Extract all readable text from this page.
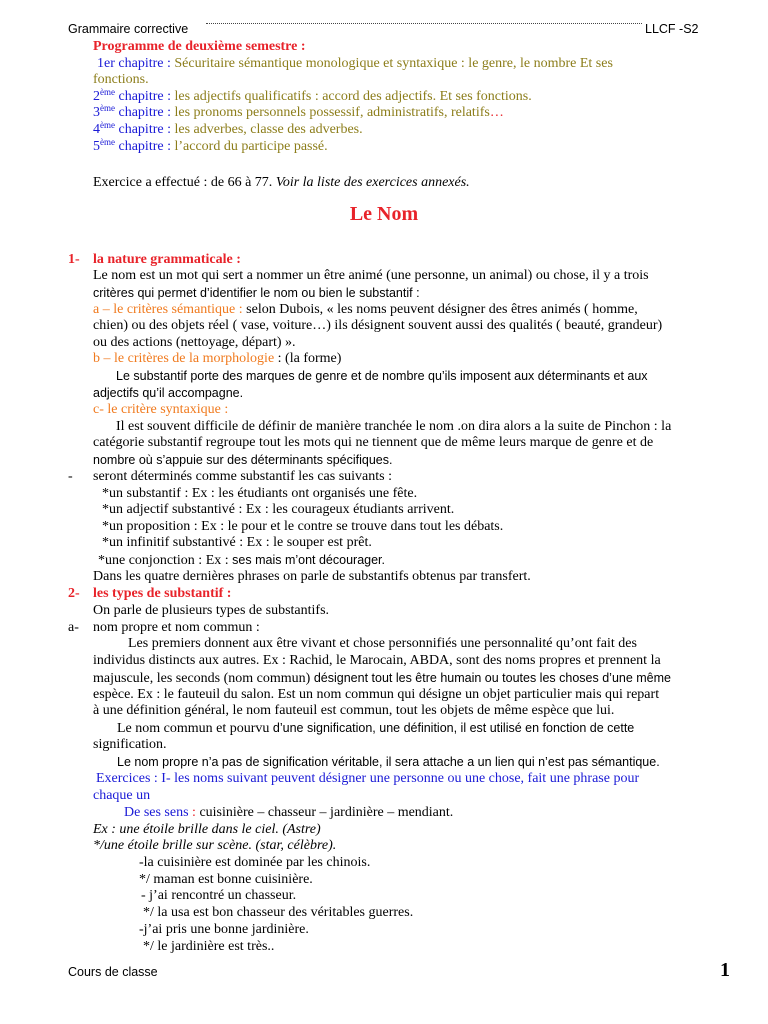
Grammaire corrective	LLCF -S2
Programme de deuxième semestre :
1er chapitre : Sécuritaire sémantique monologique et syntaxique : le genre, le nombre Et ses
fonctions.
2ème chapitre : les adjectifs qualificatifs : accord des adjectifs. Et ses fonctions.
3ème chapitre : les pronoms personnels possessif, administratifs, relatifs…
4ème chapitre : les adverbes, classe des adverbes.
5ème chapitre : l’accord du participe passé.
Exercice a effectué : de 66 à 77. Voir la liste des exercices annexés.
Le Nom
1- la nature grammaticale :
Le nom est un mot qui sert a nommer un être animé (une personne, un animal) ou chose, il y a trois
critères qui permet d’identifier le nom ou bien le substantif :
a – le critères sémantique : selon Dubois, « les noms peuvent désigner des êtres animés ( homme,
chien) ou des objets réel ( vase, voiture…) ils désignent souvent aussi des qualités ( beauté, grandeur)
ou des actions (nettoyage, départ) ».
b – le critères de la morphologie : (la forme)
Le substantif porte des marques de genre et de nombre qu’ils imposent aux déterminants et aux
adjectifs qu’il accompagne.
c- le critère syntaxique :
Il est souvent difficile de définir de manière tranchée le nom .on dira alors a la suite de Pinchon : la
catégorie substantif regroupe tout les mots qui ne tiennent que de même leurs marque de genre et de
nombre où s’appuie sur des déterminants spécifiques.
- seront déterminés comme substantif les cas suivants :
*un substantif : Ex : les étudiants ont organisés une fête.
*un adjectif substantivé : Ex : les courageux étudiants arrivent.
*un proposition : Ex : le pour et le contre se trouve dans tout les débats.
*un infinitif substantivé : Ex : le souper est prêt.
*une conjonction : Ex : ses mais m’ont décourager.
Dans les quatre dernières phrases on parle de substantifs obtenus par transfert.
2- les types de substantif :
On parle de plusieurs types de substantifs.
a- nom propre et nom commun :
Les premiers donnent aux être vivant et chose personnifiés une personnalité qu’ont fait des
individus distincts aux autres. Ex : Rachid, le Marocain, ABDA, sont des noms propres et prennent la
majuscule, les seconds (nom commun) désignent tout les être humain ou toutes les choses d’une même
espèce. Ex : le fauteuil du salon. Est un nom commun qui désigne un objet particulier mais qui repart
à une définition général, le nom fauteuil est commun, tout les objets de même espèce que lui.
Le nom commun et pourvu d’une signification, une définition, il est utilisé en fonction de cette
signification.
Le nom propre n’a pas de signification véritable, il sera attache a un lien qui n’est pas sémantique.
Exercices : I- les noms suivant peuvent désigner une personne ou une chose, fait une phrase pour
chaque un
De ses sens : cuisinière – chasseur – jardinière – mendiant.
Ex : une étoile brille dans le ciel. (Astre)
*/une étoile brille sur scène. (star, célèbre).
-la cuisinière est dominée par les chinois.
*/ maman est bonne cuisinière.
- j’ai rencontré un chasseur.
*/ la usa est bon chasseur des véritables guerres.
-j’ai pris une bonne jardinière.
*/ le jardinière est très..
Cours de classe	1
